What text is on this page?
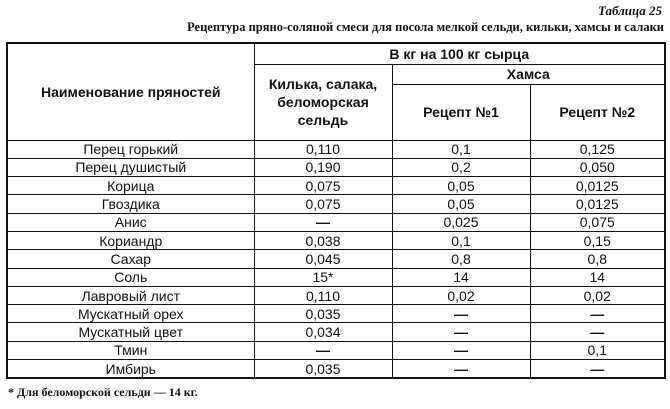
Таблица 25
Рецептура пряно-соляной смеси для посола мелкой сельди, кильки, хамсы и салаки
Наименование пряностей	В кг на 100 кг сырца		
	Килька, салака, беломорская сельдь	Хамса	
		Рецепт №1	Рецепт №2
Перец горький	0,110	0,1	0,125
Перец душистый	0,190	0,2	0,050
Корица	0,075	0,05	0,0125
Гвоздика	0,075	0,05	0,0125
Анис	—	0,025	0,075
Кориандр	0,038	0,1	0,15
Сахар	0,045	0,8	0,8
Соль	15*	14	14
Лавровый лист	0,110	0,02	0,02
Мускатный орех	0,035	—	—
Мускатный цвет	0,034	—	—
Тмин	—	—	0,1
Имбирь	0,035	—	—
* Для беломорской сельди — 14 кг.
